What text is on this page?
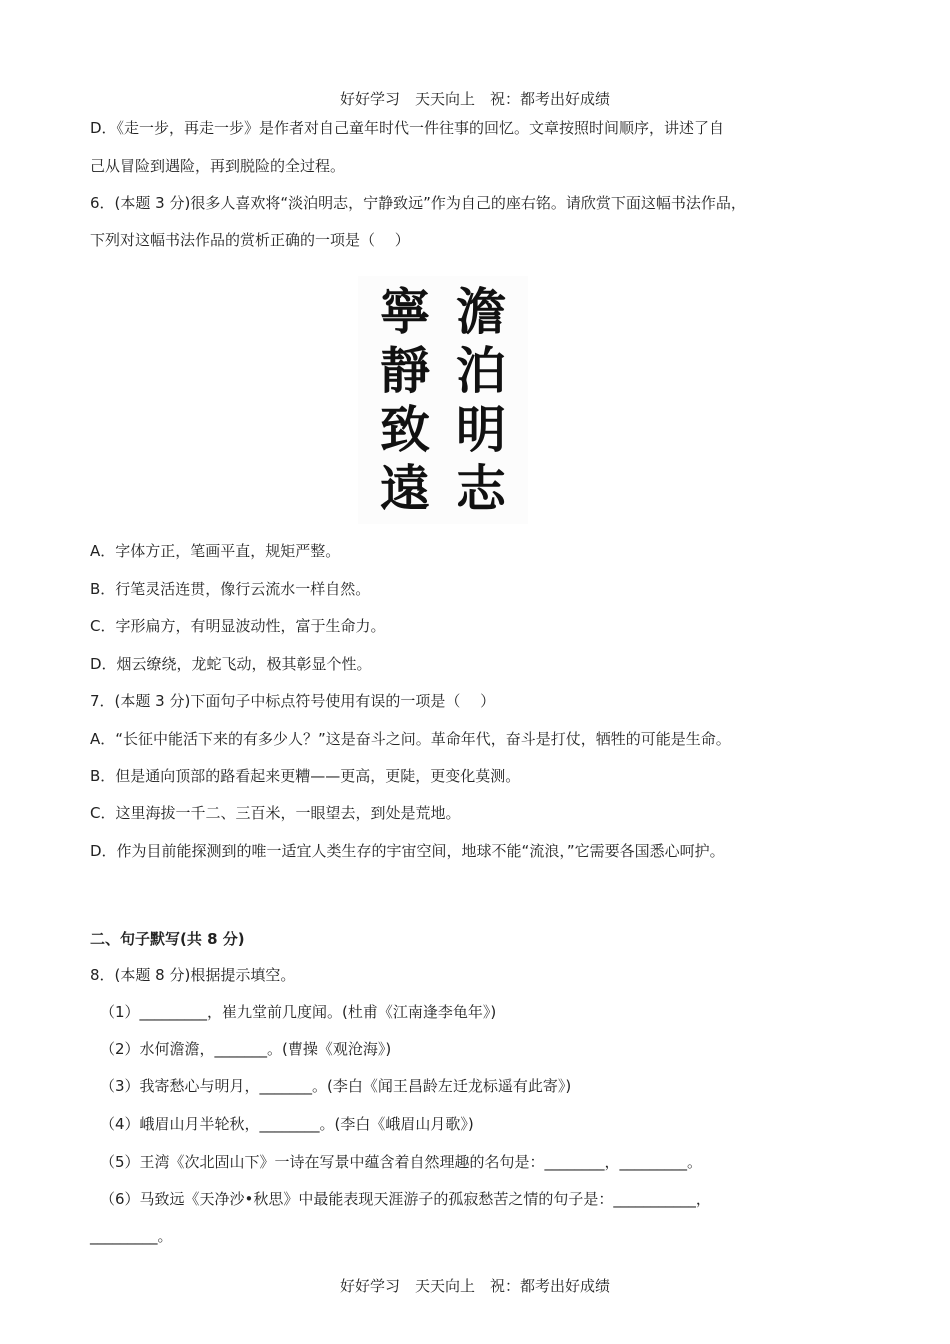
好好学习　天天向上　祝：都考出好成绩
D．《走一步，再走一步》是作者对自己童年时代一件往事的回忆。文章按照时间顺序，讲述了自
己从冒险到遇险，再到脱险的全过程。
6．(本题 3 分)很多人喜欢将“淡泊明志，宁静致远”作为自己的座右铭。请欣赏下面这幅书法作品，
下列对这幅书法作品的赏析正确的一项是（　 ）
寧
靜
致
遠
澹
泊
明
志
A．字体方正，笔画平直，规矩严整。
B．行笔灵活连贯，像行云流水一样自然。
C．字形扁方，有明显波动性，富于生命力。
D．烟云缭绕，龙蛇飞动，极其彰显个性。
7．(本题 3 分)下面句子中标点符号使用有误的一项是（　 ）
A．“长征中能活下来的有多少人？”这是奋斗之问。革命年代，奋斗是打仗，牺牲的可能是生命。
B．但是通向顶部的路看起来更糟——更高，更陡，更变化莫测。
C．这里海拔一千二、三百米，一眼望去，到处是荒地。
D．作为目前能探测到的唯一适宜人类生存的宇宙空间，地球不能“流浪，”它需要各国悉心呵护。
二、句子默写(共 8 分)
8．(本题 8 分)根据提示填空。
（1）_________，崔九堂前几度闻。(杜甫《江南逢李龟年》)
（2）水何澹澹，_______。(曹操《观沧海》)
（3）我寄愁心与明月，_______。(李白《闻王昌龄左迁龙标遥有此寄》)
（4）峨眉山月半轮秋，________。(李白《峨眉山月歌》)
（5）王湾《次北固山下》一诗在写景中蕴含着自然理趣的名句是：________，_________。
（6）马致远《天净沙•秋思》中最能表现天涯游子的孤寂愁苦之情的句子是：___________，
_________。
好好学习　天天向上　祝：都考出好成绩
